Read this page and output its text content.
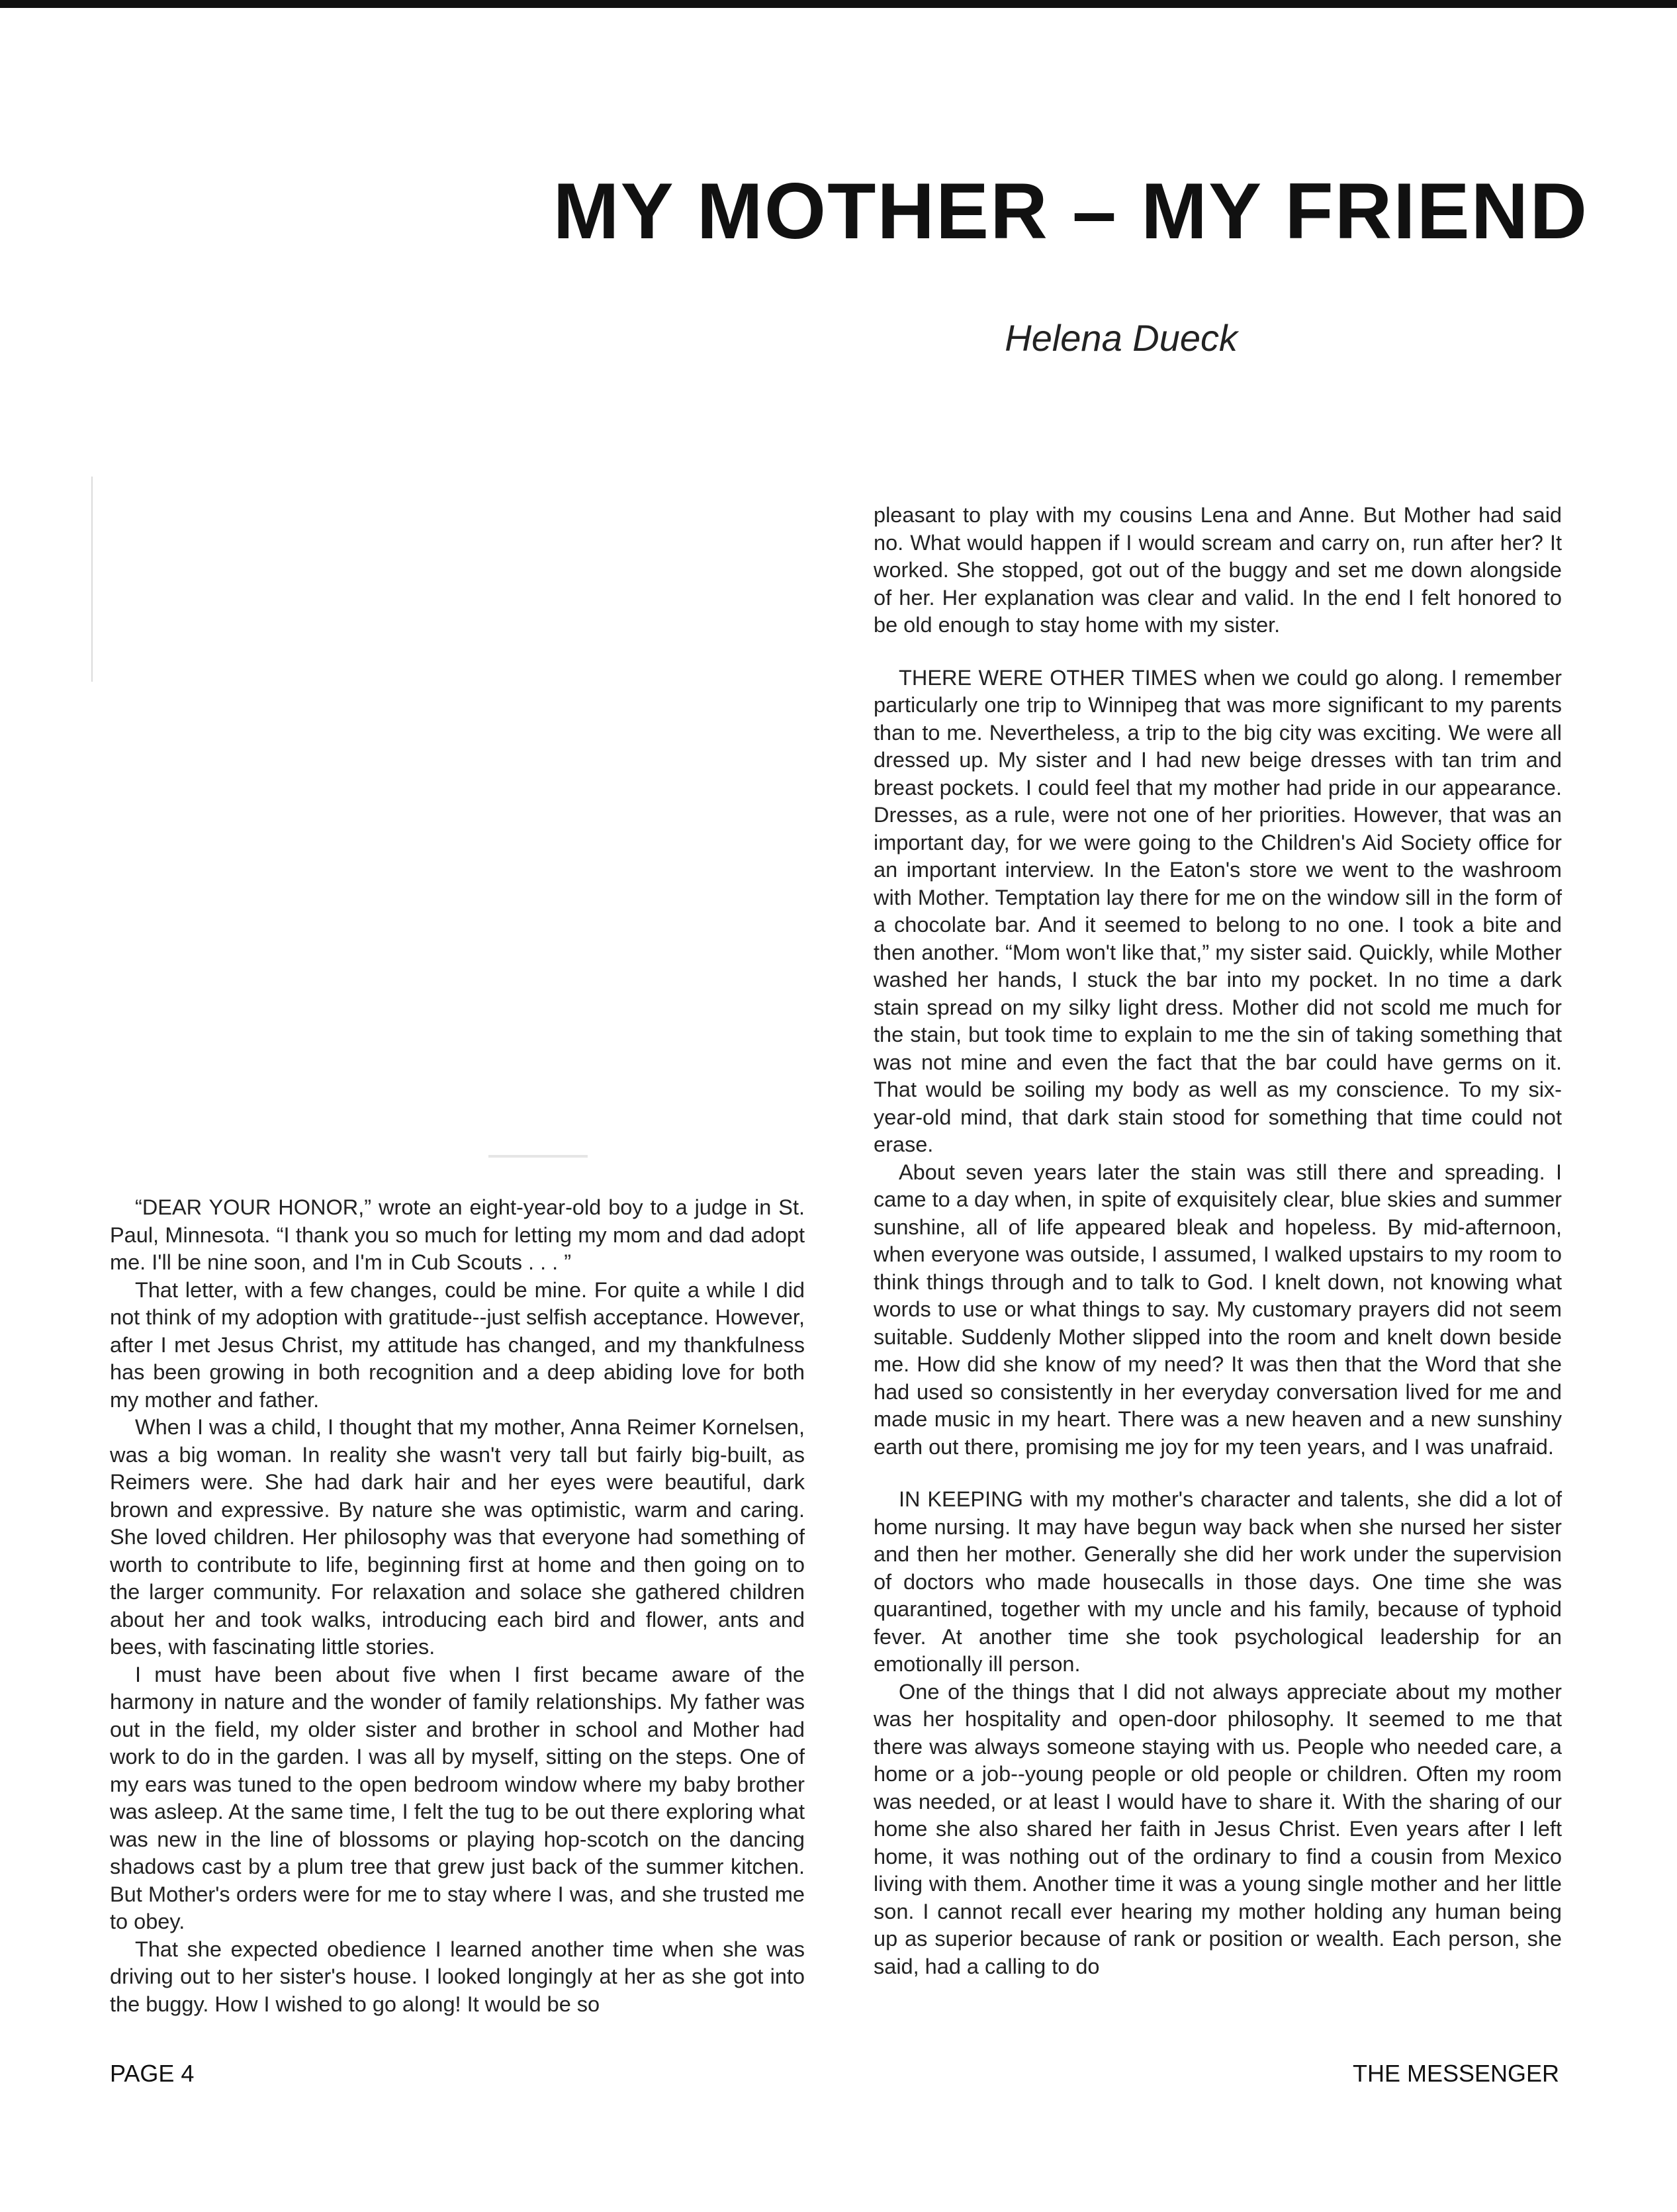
MY MOTHER – MY FRIEND
Helena Dueck

“DEAR YOUR HONOR,” wrote an eight-year-old boy to a judge in St. Paul, Minnesota. “I thank you so much for letting my mom and dad adopt me. I'll be nine soon, and I'm in Cub Scouts . . . ”

That letter, with a few changes, could be mine. For quite a while I did not think of my adoption with gratitude--just selfish acceptance. However, after I met Jesus Christ, my attitude has changed, and my thankfulness has been growing in both recognition and a deep abiding love for both my mother and father.

When I was a child, I thought that my mother, Anna Reimer Kornelsen, was a big woman. In reality she wasn't very tall but fairly big-built, as Reimers were. She had dark hair and her eyes were beautiful, dark brown and expressive. By nature she was optimistic, warm and caring. She loved children. Her philosophy was that everyone had something of worth to contribute to life, beginning first at home and then going on to the larger community. For relaxation and solace she gathered children about her and took walks, introducing each bird and flower, ants and bees, with fascinating little stories.

I must have been about five when I first became aware of the harmony in nature and the wonder of family relationships. My father was out in the field, my older sister and brother in school and Mother had work to do in the garden. I was all by myself, sitting on the steps. One of my ears was tuned to the open bedroom window where my baby brother was asleep. At the same time, I felt the tug to be out there exploring what was new in the line of blossoms or playing hop-scotch on the dancing shadows cast by a plum tree that grew just back of the summer kitchen. But Mother's orders were for me to stay where I was, and she trusted me to obey.

That she expected obedience I learned another time when she was driving out to her sister's house. I looked longingly at her as she got into the buggy. How I wished to go along! It would be so

pleasant to play with my cousins Lena and Anne. But Mother had said no. What would happen if I would scream and carry on, run after her? It worked. She stopped, got out of the buggy and set me down alongside of her. Her explanation was clear and valid. In the end I felt honored to be old enough to stay home with my sister.

THERE WERE OTHER TIMES when we could go along. I remember particularly one trip to Winnipeg that was more significant to my parents than to me. Nevertheless, a trip to the big city was exciting. We were all dressed up. My sister and I had new beige dresses with tan trim and breast pockets. I could feel that my mother had pride in our appearance. Dresses, as a rule, were not one of her priorities. However, that was an important day, for we were going to the Children's Aid Society office for an important interview. In the Eaton's store we went to the washroom with Mother. Temptation lay there for me on the window sill in the form of a chocolate bar. And it seemed to belong to no one. I took a bite and then another. “Mom won't like that,” my sister said. Quickly, while Mother washed her hands, I stuck the bar into my pocket. In no time a dark stain spread on my silky light dress. Mother did not scold me much for the stain, but took time to explain to me the sin of taking something that was not mine and even the fact that the bar could have germs on it. That would be soiling my body as well as my conscience. To my six-year-old mind, that dark stain stood for something that time could not erase.

About seven years later the stain was still there and spreading. I came to a day when, in spite of exquisitely clear, blue skies and summer sunshine, all of life appeared bleak and hopeless. By mid-afternoon, when everyone was outside, I assumed, I walked upstairs to my room to think things through and to talk to God. I knelt down, not knowing what words to use or what things to say. My customary prayers did not seem suitable. Suddenly Mother slipped into the room and knelt down beside me. How did she know of my need? It was then that the Word that she had used so consistently in her everyday conversation lived for me and made music in my heart. There was a new heaven and a new sunshiny earth out there, promising me joy for my teen years, and I was unafraid.

IN KEEPING with my mother's character and talents, she did a lot of home nursing. It may have begun way back when she nursed her sister and then her mother. Generally she did her work under the supervision of doctors who made housecalls in those days. One time she was quarantined, together with my uncle and his family, because of typhoid fever. At another time she took psychological leadership for an emotionally ill person.

One of the things that I did not always appreciate about my mother was her hospitality and open-door philosophy. It seemed to me that there was always someone staying with us. People who needed care, a home or a job--young people or old people or children. Often my room was needed, or at least I would have to share it. With the sharing of our home she also shared her faith in Jesus Christ. Even years after I left home, it was nothing out of the ordinary to find a cousin from Mexico living with them. Another time it was a young single mother and her little son. I cannot recall ever hearing my mother holding any human being up as superior because of rank or position or wealth. Each person, she said, had a calling to do

PAGE 4	THE MESSENGER
